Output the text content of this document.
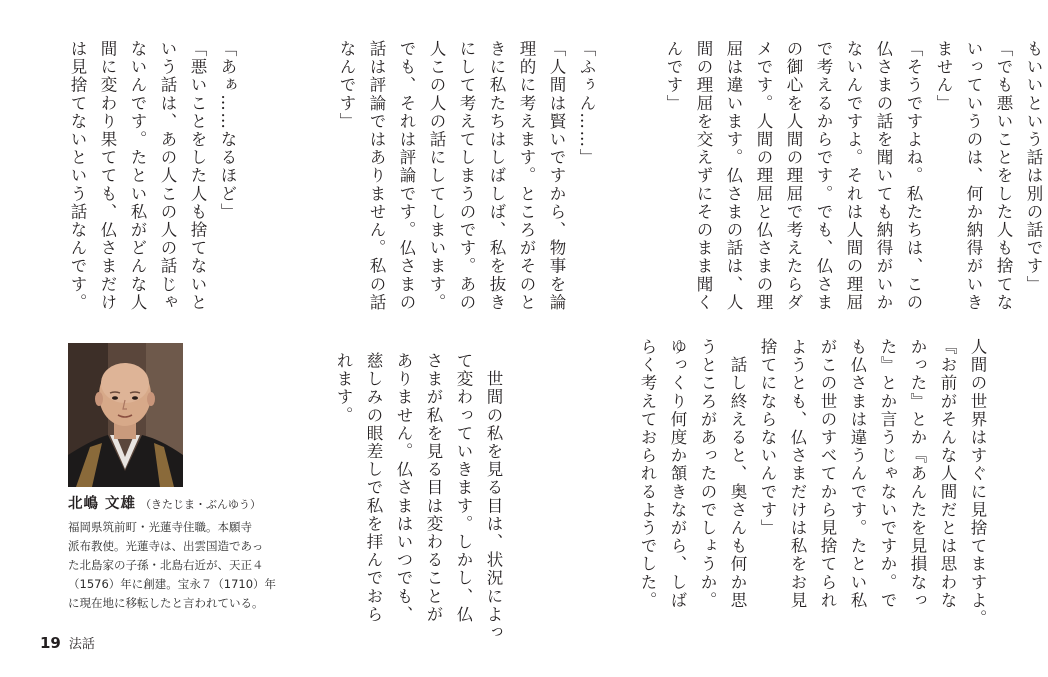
もいいという話は別の話です」
「でも悪いことをした人も捨てな
いっていうのは、何か納得がいき
ません」
「そうですよね。私たちは、この
仏さまの話を聞いても納得がいか
ないんですよ。それは人間の理屈
で考えるからです。でも、仏さま
の御心を人間の理屈で考えたらダ
メです。人間の理屈と仏さまの理
屈は違います。仏さまの話は、人
間の理屈を交えずにそのまま聞く
んです」
「ふぅん……」
「人間は賢いですから、物事を論
理的に考えます。ところがそのと
きに私たちはしばしば、私を抜き
にして考えてしまうのです。あの
人この人の話にしてしまいます。
でも、それは評論です。仏さまの
話は評論ではありません。私の話
なんです」
「あぁ……なるほど」
「悪いことをした人も捨てないと
いう話は、あの人この人の話じゃ
ないんです。たとい私がどんな人
間に変わり果てても、仏さまだけ
は見捨てないという話なんです。
人間の世界はすぐに見捨てますよ。
『お前がそんな人間だとは思わな
かった』とか『あんたを見損なっ
た』とか言うじゃないですか。で
も仏さまは違うんです。たとい私
がこの世のすべてから見捨てられ
ようとも、仏さまだけは私をお見
捨てにならないんです」
　話し終えると、奥さんも何か思
うところがあったのでしょうか。
ゆっくり何度か頷きながら、しば
らく考えておられるようでした。
　世間の私を見る目は、状況によっ
て変わっていきます。しかし、仏
さまが私を見る目は変わることが
ありません。仏さまはいつでも、
慈しみの眼差しで私を拝んでおら
れます。
北嶋 文雄 （きたじま・ぶんゆう）
福岡県筑前町・光蓮寺住職。本願寺
派布教使。光蓮寺は、出雲国造であっ
た北島家の子孫・北島右近が、天正４
（1576）年に創建。宝永７（1710）年
に現在地に移転したと言われている。
19 法話
